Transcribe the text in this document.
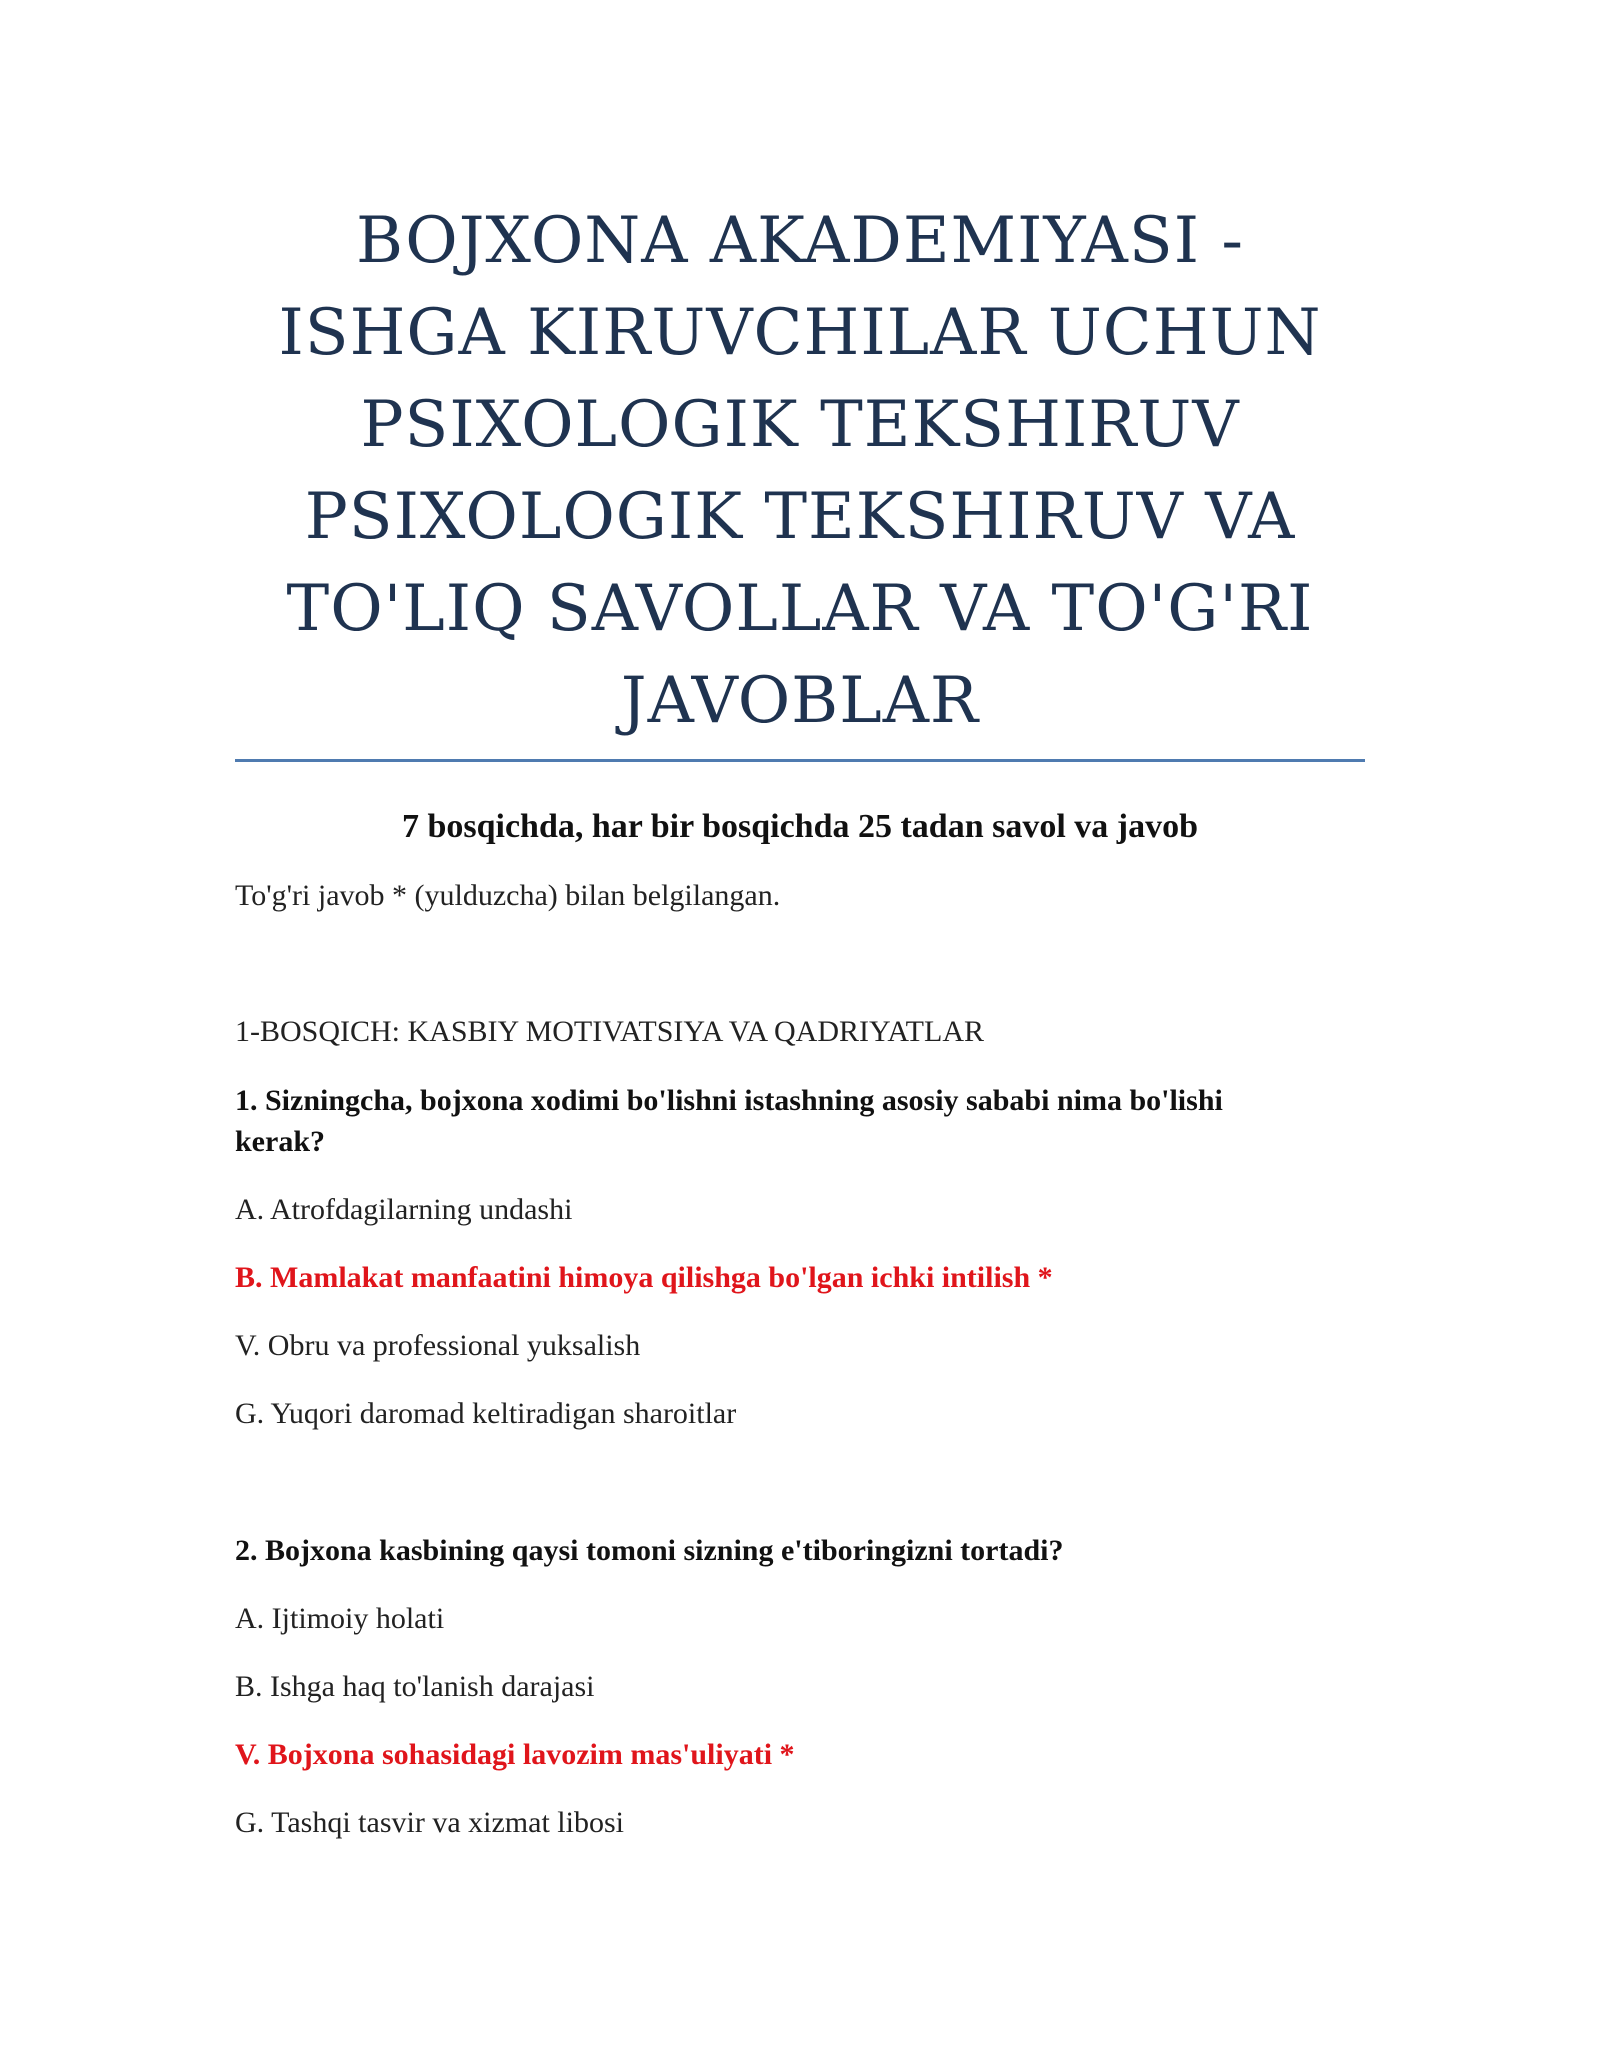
BOJXONA AKADEMIYASI - ISHGA KIRUVCHILAR UCHUN PSIXOLOGIK TEKSHIRUV PSIXOLOGIK TEKSHIRUV VA TO'LIQ SAVOLLAR VA TO'G'RI JAVOBLAR

7 bosqichda, har bir bosqichda 25 tadan savol va javob

To'g'ri javob * (yulduzcha) bilan belgilangan.

1-BOSQICH: KASBIY MOTIVATSIYA VA QADRIYATLAR

1. Sizningcha, bojxona xodimi bo'lishni istashning asosiy sababi nima bo'lishi kerak?

A. Atrofdagilarning undashi

B. Mamlakat manfaatini himoya qilishga bo'lgan ichki intilish *

V. Obru va professional yuksalish

G. Yuqori daromad keltiradigan sharoitlar

2. Bojxona kasbining qaysi tomoni sizning e'tiboringizni tortadi?

A. Ijtimoiy holati

B. Ishga haq to'lanish darajasi

V. Bojxona sohasidagi lavozim mas'uliyati *

G. Tashqi tasvir va xizmat libosi
